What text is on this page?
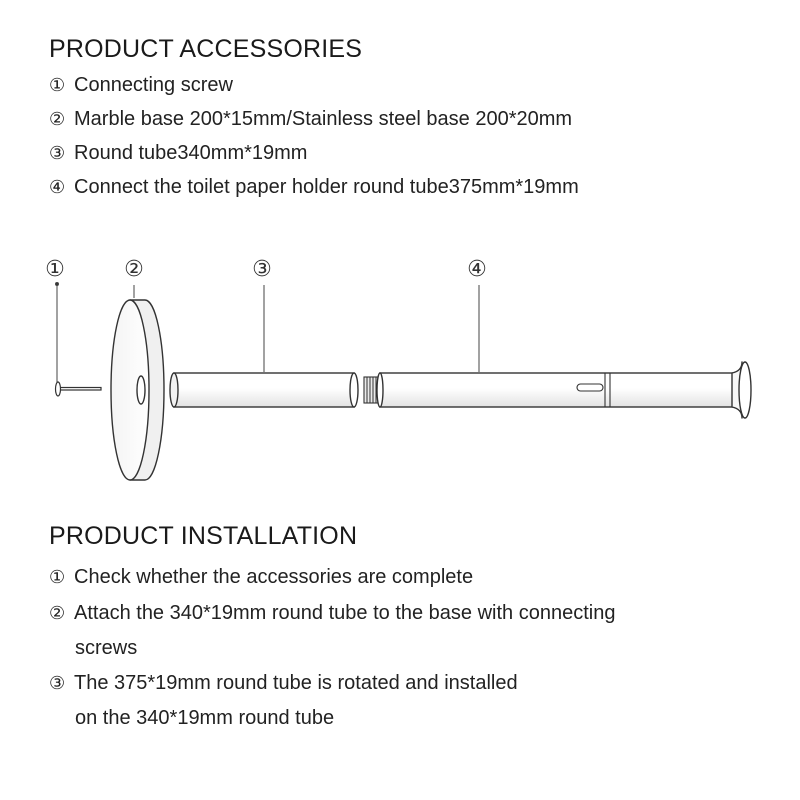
PRODUCT ACCESSORIES
① Connecting screw
② Marble base 200*15mm/Stainless steel base 200*20mm
③ Round tube340mm*19mm
④ Connect the toilet paper holder round tube375mm*19mm
①	②	③	④
PRODUCT INSTALLATION
① Check whether the accessories are complete
② Attach the 340*19mm round tube to the base with connecting
screws
③ The 375*19mm round tube is rotated and installed
on the 340*19mm round tube
